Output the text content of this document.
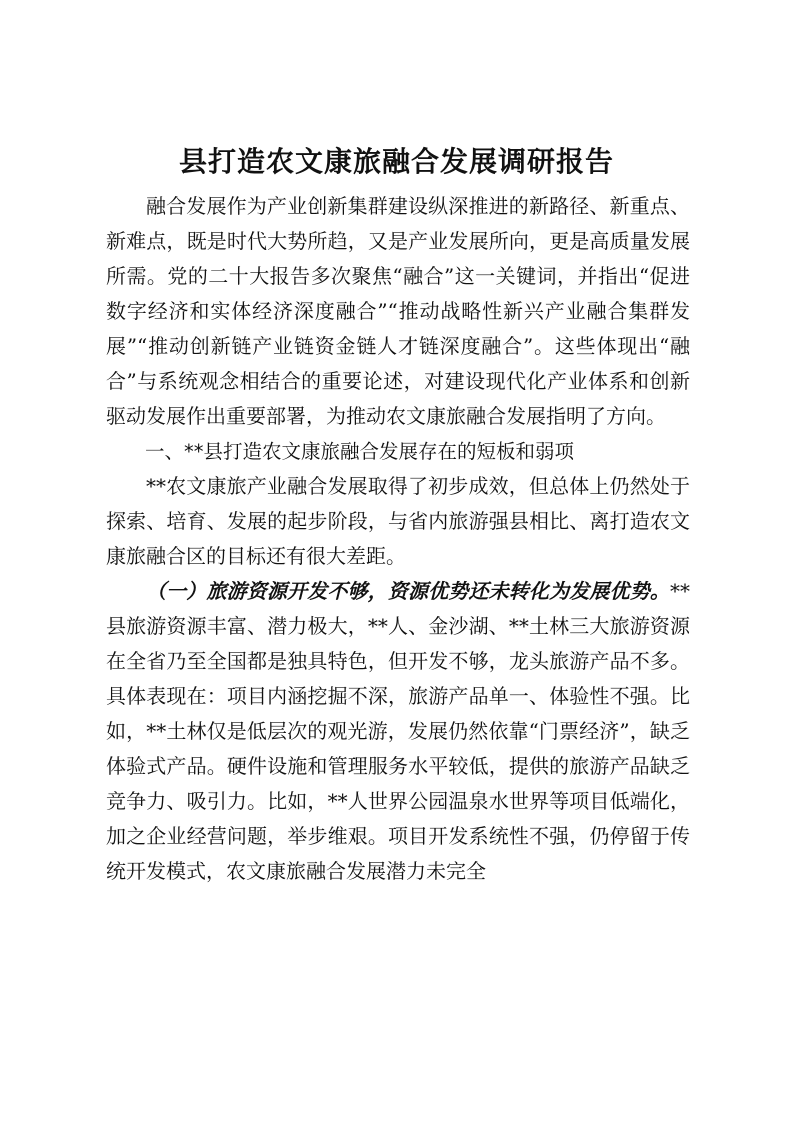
县打造农文康旅融合发展调研报告

融合发展作为产业创新集群建设纵深推进的新路径、新重点、新难点，既是时代大势所趋，又是产业发展所向，更是高质量发展所需。党的二十大报告多次聚焦“融合”这一关键词，并指出“促进数字经济和实体经济深度融合”“推动战略性新兴产业融合集群发展”“推动创新链产业链资金链人才链深度融合”。这些体现出“融合”与系统观念相结合的重要论述，对建设现代化产业体系和创新驱动发展作出重要部署，为推动农文康旅融合发展指明了方向。

一、**县打造农文康旅融合发展存在的短板和弱项

**农文康旅产业融合发展取得了初步成效，但总体上仍然处于探索、培育、发展的起步阶段，与省内旅游强县相比、离打造农文康旅融合区的目标还有很大差距。

（一）旅游资源开发不够，资源优势还未转化为发展优势。**县旅游资源丰富、潜力极大，**人、金沙湖、**土林三大旅游资源在全省乃至全国都是独具特色，但开发不够，龙头旅游产品不多。具体表现在：项目内涵挖掘不深，旅游产品单一、体验性不强。比如，**土林仅是低层次的观光游，发展仍然依靠“门票经济”，缺乏体验式产品。硬件设施和管理服务水平较低，提供的旅游产品缺乏竞争力、吸引力。比如，**人世界公园温泉水世界等项目低端化，加之企业经营问题，举步维艰。项目开发系统性不强，仍停留于传统开发模式，农文康旅融合发展潜力未完全
